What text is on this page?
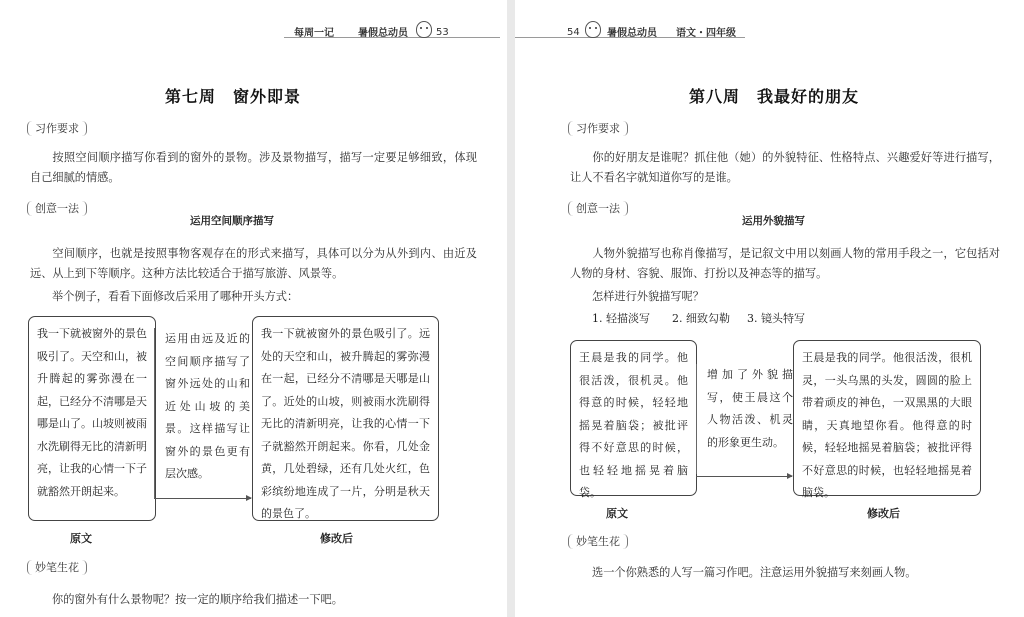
每周一记 暑假总动员	53
第七周　窗外即景
习作要求

按照空间顺序描写你看到的窗外的景物。涉及景物描写，描写一定要足够细致，体现自己细腻的情感。

创意一法
运用空间顺序描写

空间顺序，也就是按照事物客观存在的形式来描写，具体可以分为从外到内、由近及远、从上到下等顺序。这种方法比较适合于描写旅游、风景等。

举个例子，看看下面修改后采用了哪种开头方式：
我一下就被窗外的景色吸引了。天空和山，被升腾起的雾弥漫在一起，已经分不清哪是天哪是山了。山坡则被雨水洗刷得无比的清新明亮，让我的心情一下子就豁然开朗起来。
运用由远及近的空间顺序描写了窗外远处的山和近处山坡的美景。这样描写让窗外的景色更有层次感。
我一下就被窗外的景色吸引了。远处的天空和山，被升腾起的雾弥漫在一起，已经分不清哪是天哪是山了。近处的山坡，则被雨水洗刷得无比的清新明亮，让我的心情一下子就豁然开朗起来。你看，几处金黄，几处碧绿，还有几处火红，色彩缤纷地连成了一片，分明是秋天的景色了。
原文	修改后
妙笔生花
你的窗外有什么景物呢？按一定的顺序给我们描述一下吧。
54	暑假总动员 语文・四年级
第八周　我最好的朋友
习作要求

你的好朋友是谁呢？抓住他（她）的外貌特征、性格特点、兴趣爱好等进行描写，让人不看名字就知道你写的是谁。

创意一法
运用外貌描写

人物外貌描写也称肖像描写，是记叙文中用以刻画人物的常用手段之一，它包括对人物的身材、容貌、服饰、打扮以及神态等的描写。

怎样进行外貌描写呢？
1. 轻描淡写 2. 细致勾勒 3. 镜头特写
王晨是我的同学。他很活泼，很机灵。他得意的时候，轻轻地摇晃着脑袋；被批评得不好意思的时候，也轻轻地摇晃着脑袋。
增加了外貌描写，使王晨这个人物活泼、机灵的形象更生动。
王晨是我的同学。他很活泼，很机灵，一头乌黑的头发，圆圆的脸上带着顽皮的神色，一双黑黑的大眼睛，天真地望你看。他得意的时候，轻轻地摇晃着脑袋；被批评得不好意思的时候，也轻轻地摇晃着脑袋。
原文	修改后
妙笔生花
选一个你熟悉的人写一篇习作吧。注意运用外貌描写来刻画人物。
